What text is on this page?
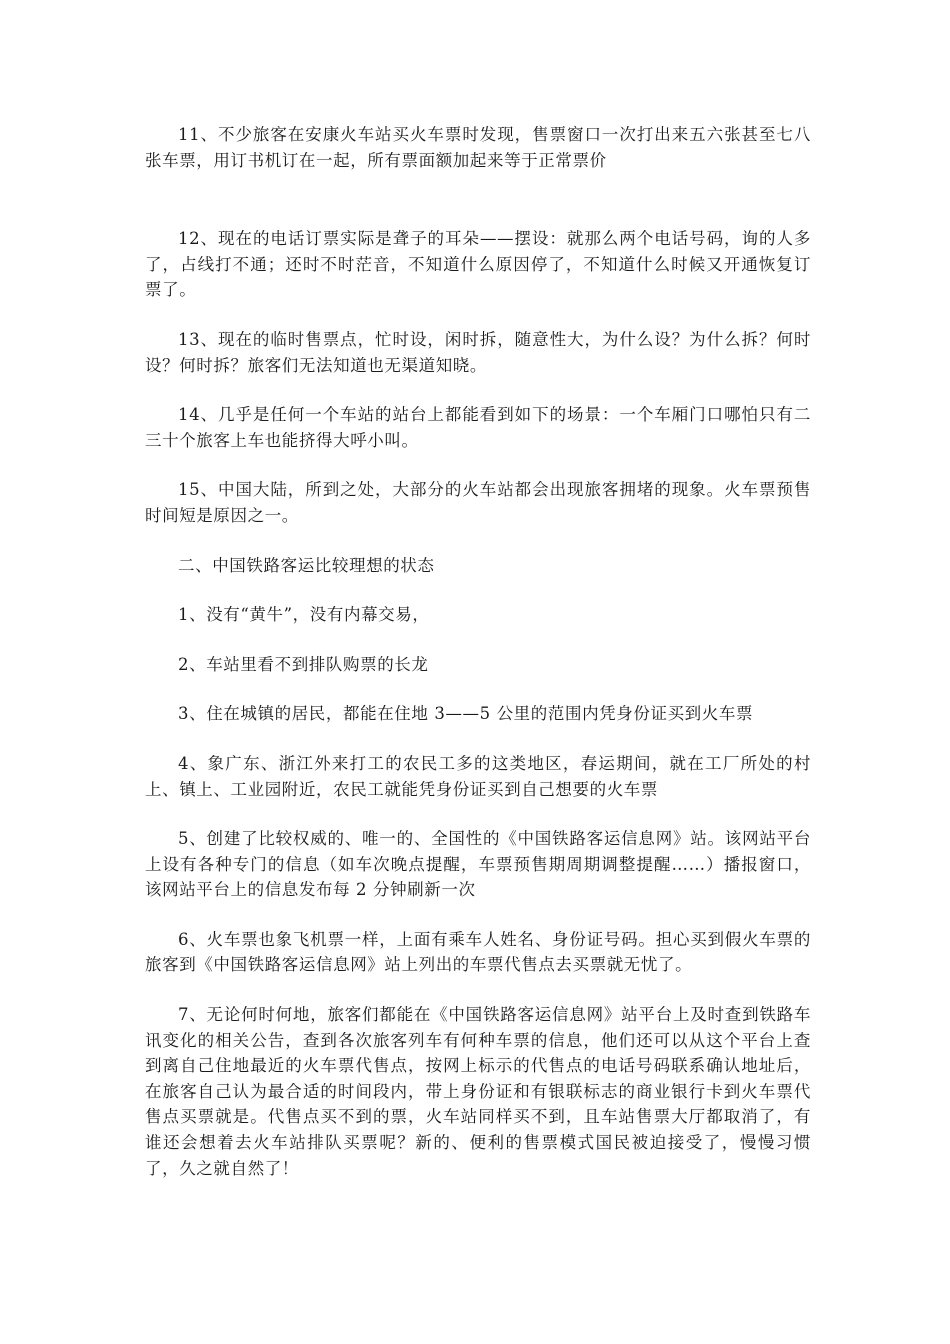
11、不少旅客在安康火车站买火车票时发现，售票窗口一次打出来五六张甚至七八张车票，用订书机订在一起，所有票面额加起来等于正常票价

12、现在的电话订票实际是聋子的耳朵——摆设：就那么两个电话号码，询的人多了，占线打不通；还时不时茫音，不知道什么原因停了，不知道什么时候又开通恢复订票了。

13、现在的临时售票点，忙时设，闲时拆，随意性大，为什么设？为什么拆？何时设？何时拆？旅客们无法知道也无渠道知晓。

14、几乎是任何一个车站的站台上都能看到如下的场景：一个车厢门口哪怕只有二三十个旅客上车也能挤得大呼小叫。

15、中国大陆，所到之处，大部分的火车站都会出现旅客拥堵的现象。火车票预售时间短是原因之一。

二、中国铁路客运比较理想的状态

1、没有“黄牛”，没有内幕交易，

2、车站里看不到排队购票的长龙

3、住在城镇的居民，都能在住地 3——5 公里的范围内凭身份证买到火车票

4、象广东、浙江外来打工的农民工多的这类地区，春运期间，就在工厂所处的村上、镇上、工业园附近，农民工就能凭身份证买到自己想要的火车票

5、创建了比较权威的、唯一的、全国性的《中国铁路客运信息网》站。该网站平台上设有各种专门的信息（如车次晚点提醒，车票预售期周期调整提醒……）播报窗口，该网站平台上的信息发布每 2 分钟刷新一次

6、火车票也象飞机票一样，上面有乘车人姓名、身份证号码。担心买到假火车票的旅客到《中国铁路客运信息网》站上列出的车票代售点去买票就无忧了。

7、无论何时何地，旅客们都能在《中国铁路客运信息网》站平台上及时查到铁路车讯变化的相关公告，查到各次旅客列车有何种车票的信息，他们还可以从这个平台上查到离自己住地最近的火车票代售点，按网上标示的代售点的电话号码联系确认地址后，在旅客自己认为最合适的时间段内，带上身份证和有银联标志的商业银行卡到火车票代售点买票就是。代售点买不到的票，火车站同样买不到，且车站售票大厅都取消了，有谁还会想着去火车站排队买票呢？新的、便利的售票模式国民被迫接受了，慢慢习惯了，久之就自然了！
